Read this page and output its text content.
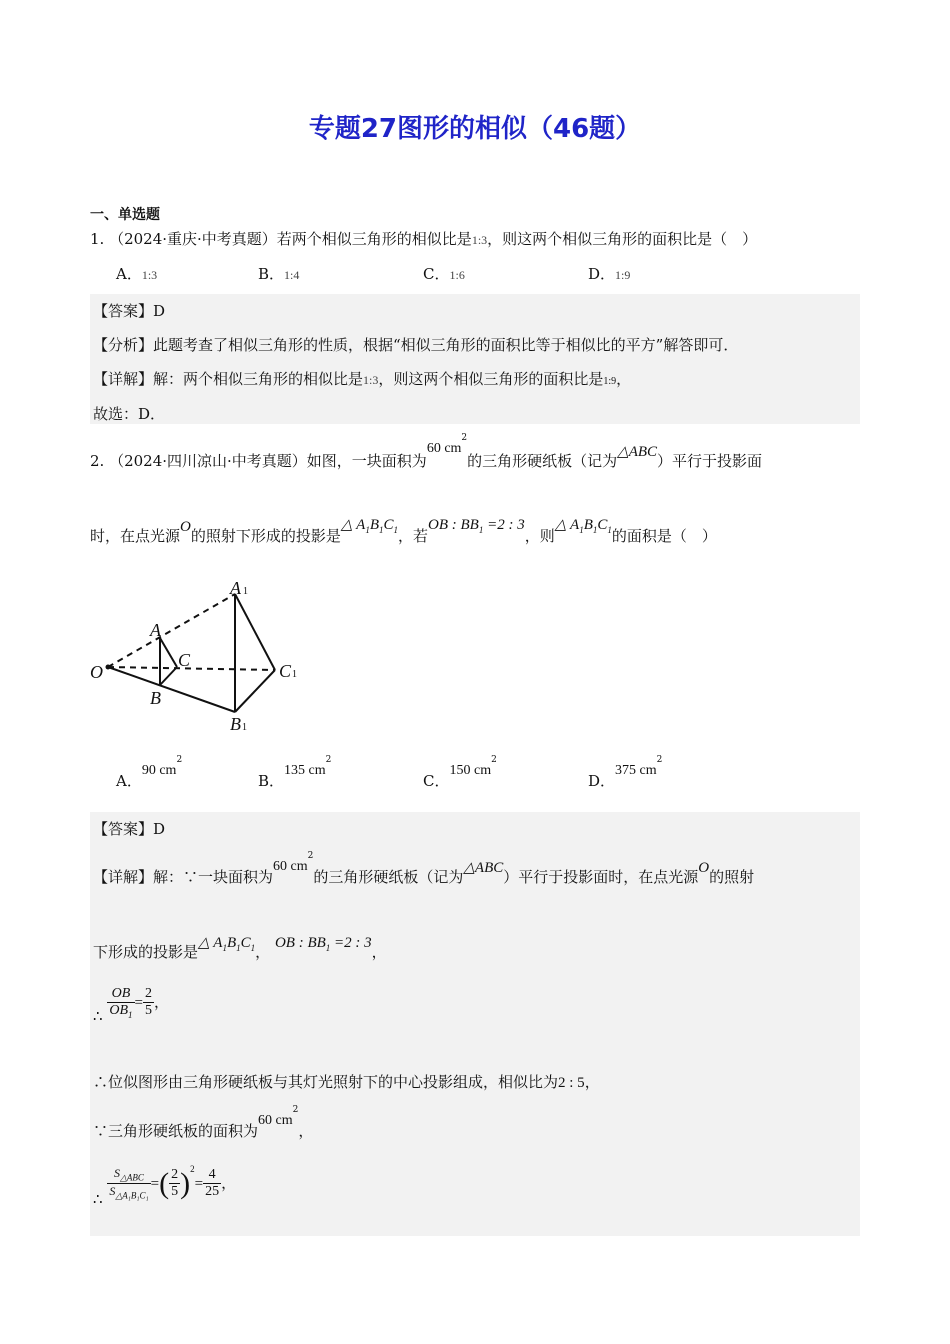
专题27图形的相似（46题）
一、单选题
1. （2024·重庆·中考真题）若两个相似三角形的相似比是1:3，则这两个相似三角形的面积比是（　）
A．1:3	B．1:4	C．1:6	D．1:9
【答案】D
【分析】此题考查了相似三角形的性质，根据“相似三角形的面积比等于相似比的平方”解答即可．
【详解】解：两个相似三角形的相似比是1:3，则这两个相似三角形的面积比是1:9，
故选：D．
2. （2024·四川凉山·中考真题）如图，一块面积为60 $cm^2$的三角形硬纸板（记为△ABC）平行于投影面
时，在点光源O的照射下形成的投影是△ $A_1B_1C_1$，若OB : $BB_1 =2$ : 3，则△ $A_1B_1C_1$的面积是（　）
O
A
B
C
A
C
B
1
1
1
A．90 $cm^2$
B．135 $cm^2$
C．150 $cm^2$
D．375 $cm^2$
【答案】D
【详解】解：∵一块面积为60 $cm^2$的三角形硬纸板（记为△ABC）平行于投影面时，在点光源O的照射
下形成的投影是△ $A_1B_1C_1$， OB : $BB_1 =2$ : 3，
∴ $\frac{OB}{OB_1} = \frac{2}{5}$ ，
∴位似图形由三角形硬纸板与其灯光照射下的中心投影组成，相似比为2 : 5，
∵三角形硬纸板的面积为60 $cm^2$，
∴ $\frac{S_{\triangle ABC}}{S_{\triangle A_1B_1C_1}}$ =( $\frac{2}{5} )^2= \frac{4}{25}$ ，
